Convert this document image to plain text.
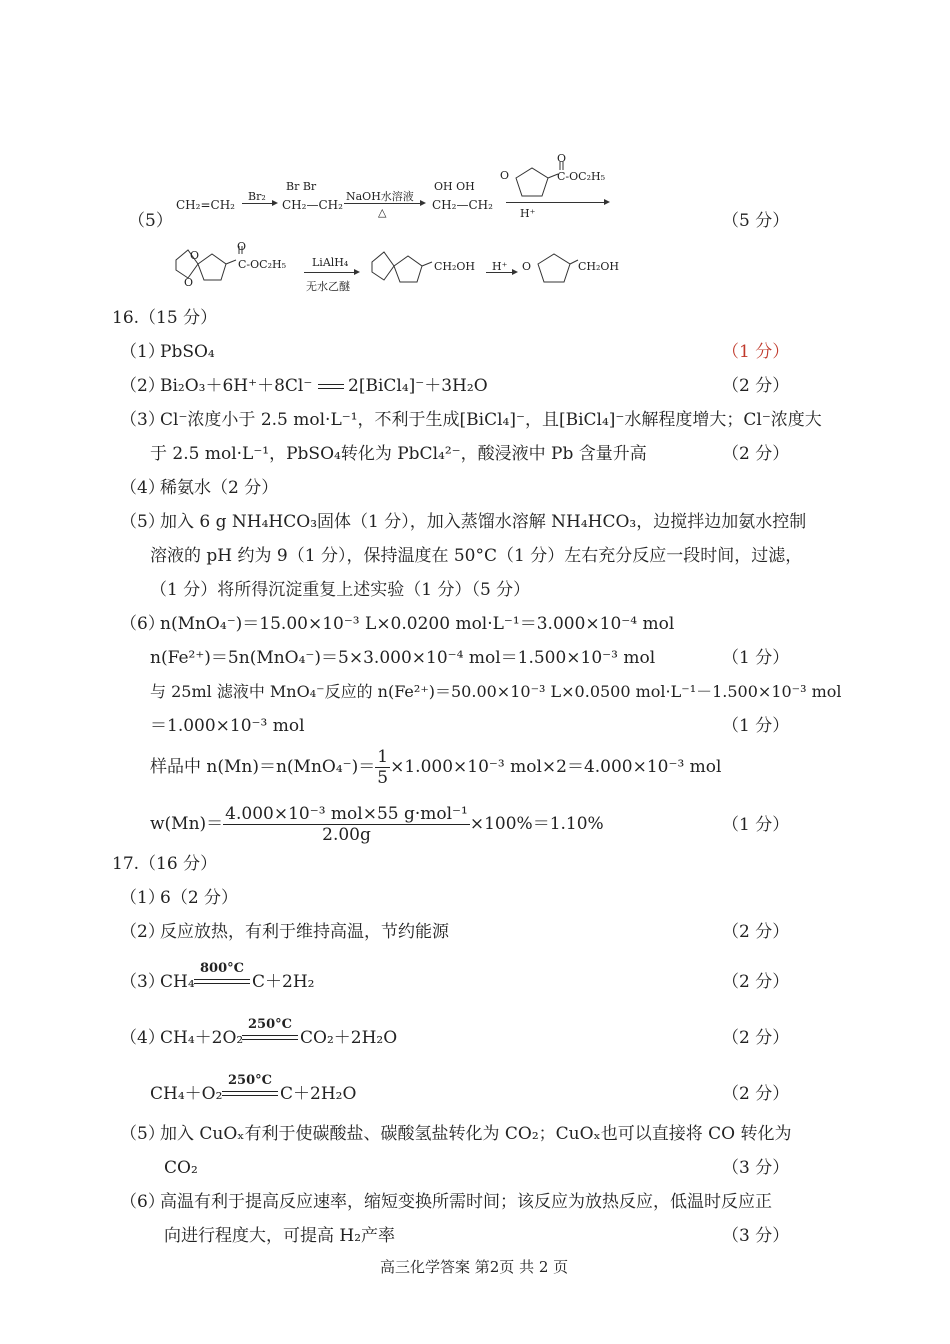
（5）	（5 分）
CH₂=CH₂
Br₂
Br Br
CH₂—CH₂
NaOH水溶液
△
OH OH
CH₂—CH₂
O
O
C-OC₂H₅
H⁺
O
O
O
C-OC₂H₅ LiAlH₄
无水乙醚
CH₂OH H⁺ O	CH₂OH
16.（15 分）
（1）
PbSO₄	（1 分）
（2）
Bi₂O₃＋6H⁺＋8Cl⁻ 2[BiCl₄]⁻＋3H₂O	（2 分）
（3）
Cl⁻浓度小于 2.5 mol·L⁻¹，不利于生成[BiCl₄]⁻，且[BiCl₄]⁻水解程度增大；Cl⁻浓度大
于 2.5 mol·L⁻¹，PbSO₄转化为 PbCl₄²⁻，酸浸液中 Pb 含量升高	（2 分）
（4）
稀氨水（2 分）
（5）
加入 6 g NH₄HCO₃固体（1 分），加入蒸馏水溶解 NH₄HCO₃，边搅拌边加氨水控制
溶液的 pH 约为 9（1 分），保持温度在 50°C（1 分）左右充分反应一段时间，过滤，
（1 分）将所得沉淀重复上述实验（1 分）（5 分）
（6）
n(MnO₄⁻)＝15.00×10⁻³ L×0.0200 mol·L⁻¹＝3.000×10⁻⁴ mol
n(Fe²⁺)＝5n(MnO₄⁻)＝5×3.000×10⁻⁴ mol＝1.500×10⁻³ mol	（1 分）
与 25ml 滤液中 MnO₄⁻反应的 n(Fe²⁺)＝50.00×10⁻³ L×0.0500 mol·L⁻¹－1.500×10⁻³ mol
＝1.000×10⁻³ mol	（1 分）
样品中 $n(Mn)=n(MnO_4^-)= \frac{1}{5} \times 1.000\times 10^{-3}$ mol×2＝4.000×10⁻³ mol
$w(Mn)= \frac{\text{4.000×10⁻³ mol×55 g·mol⁻¹}}{2.00g} \times 100\%=1.10\%$	（1 分）
17.（16 分）
（1）
6（2 分）
（2）
反应放热，有利于维持高温，节约能源	（2 分）
（3）
CH₄
800°C
C＋2H₂	（2 分）
（4）
CH₄＋2O₂
250°C
CO₂＋2H₂O	（2 分）
CH₄＋O₂
250°C
C＋2H₂O	（2 分）
（5）
加入 CuOₓ有利于使碳酸盐、碳酸氢盐转化为 CO₂；CuOₓ也可以直接将 CO 转化为
CO₂	（3 分）
（6）
高温有利于提高反应速率，缩短变换所需时间；该反应为放热反应，低温时反应正
向进行程度大，可提高 H₂产率	（3 分）
高三化学答案 第2页 共 2 页
